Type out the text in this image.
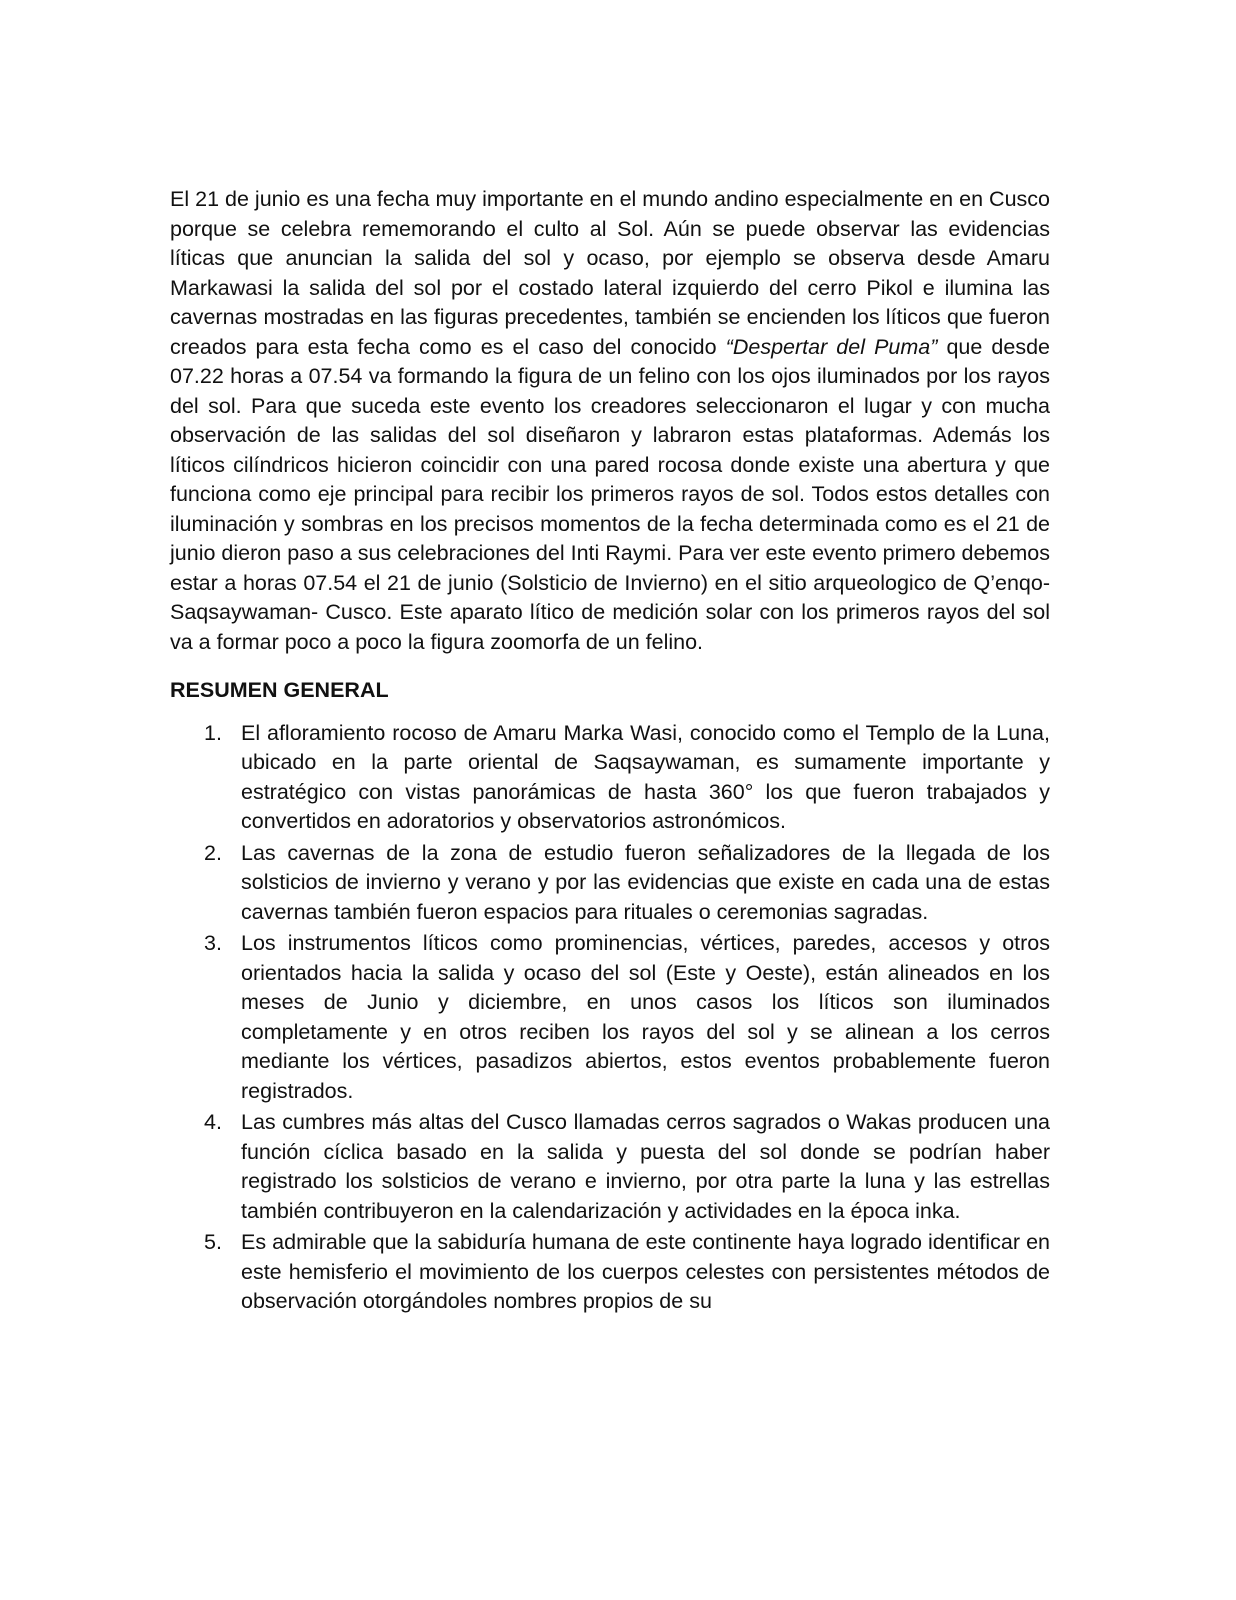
El 21 de junio es una fecha muy importante en el mundo andino especialmente en en Cusco porque se celebra rememorando el culto al Sol. Aún se puede observar las evidencias líticas que anuncian la salida del sol y ocaso, por ejemplo se observa desde Amaru Markawasi la salida del sol por el costado lateral izquierdo del cerro Pikol e ilumina las cavernas mostradas en las figuras precedentes, también se encienden los líticos que fueron creados para esta fecha como es el caso del conocido “Despertar del Puma” que desde 07.22 horas a 07.54 va formando la figura de un felino con los ojos iluminados por los rayos del sol. Para que suceda este evento los creadores seleccionaron el lugar y con mucha observación de las salidas del sol diseñaron y labraron estas plataformas. Además los líticos cilíndricos hicieron coincidir con una pared rocosa donde existe una abertura y que funciona como eje principal para recibir los primeros rayos de sol. Todos estos detalles con iluminación y sombras en los precisos momentos de la fecha determinada como es el 21 de junio dieron paso a sus celebraciones del Inti Raymi. Para ver este evento primero debemos estar a horas 07.54 el 21 de junio (Solsticio de Invierno) en el sitio arqueologico de Q’enqo-Saqsaywaman- Cusco. Este aparato lítico de medición solar con los primeros rayos del sol va a formar poco a poco la figura zoomorfa de un felino.

RESUMEN GENERAL
1. El afloramiento rocoso de Amaru Marka Wasi, conocido como el Templo de la Luna, ubicado en la parte oriental de Saqsaywaman, es sumamente importante y estratégico con vistas panorámicas de hasta 360° los que fueron trabajados y convertidos en adoratorios y observatorios astronómicos.
2. Las cavernas de la zona de estudio fueron señalizadores de la llegada de los solsticios de invierno y verano y por las evidencias que existe en cada una de estas cavernas también fueron espacios para rituales o ceremonias sagradas.
3. Los instrumentos líticos como prominencias, vértices, paredes, accesos y otros orientados hacia la salida y ocaso del sol (Este y Oeste), están alineados en los meses de Junio y diciembre, en unos casos los líticos son iluminados completamente y en otros reciben los rayos del sol y se alinean a los cerros mediante los vértices, pasadizos abiertos, estos eventos probablemente fueron registrados.
4. Las cumbres más altas del Cusco llamadas cerros sagrados o Wakas producen una función cíclica basado en la salida y puesta del sol donde se podrían haber registrado los solsticios de verano e invierno, por otra parte la luna y las estrellas también contribuyeron en la calendarización y actividades en la época inka.
5. Es admirable que la sabiduría humana de este continente haya logrado identificar en este hemisferio el movimiento de los cuerpos celestes con persistentes métodos de observación otorgándoles nombres propios de su
